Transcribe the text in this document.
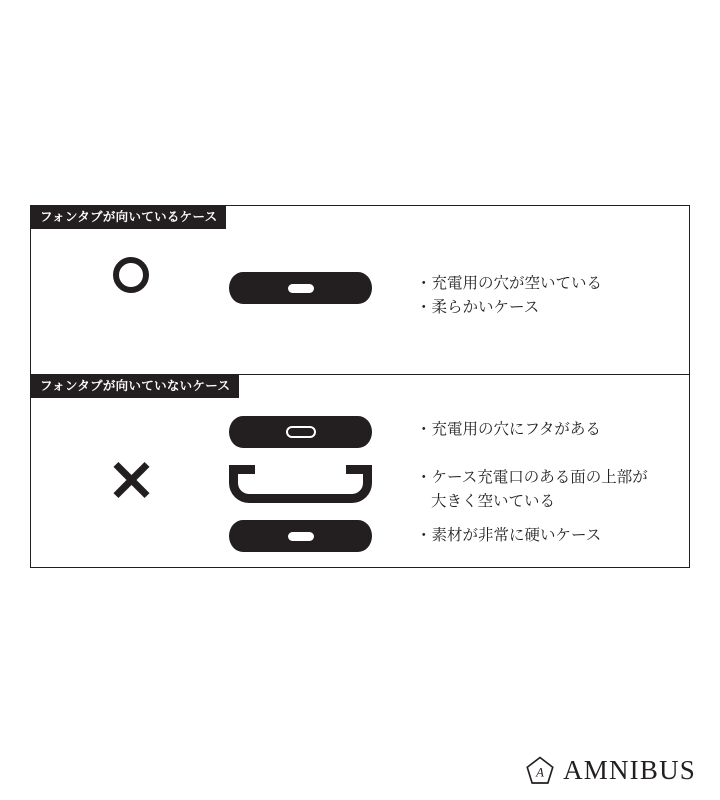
フォンタブが向いているケース
・充電用の穴が空いている
・柔らかいケース
フォンタブが向いていないケース
・充電用の穴にフタがある
・ケース充電口のある面の上部が
大きく空いている
・素材が非常に硬いケース
A AMNIBUS
